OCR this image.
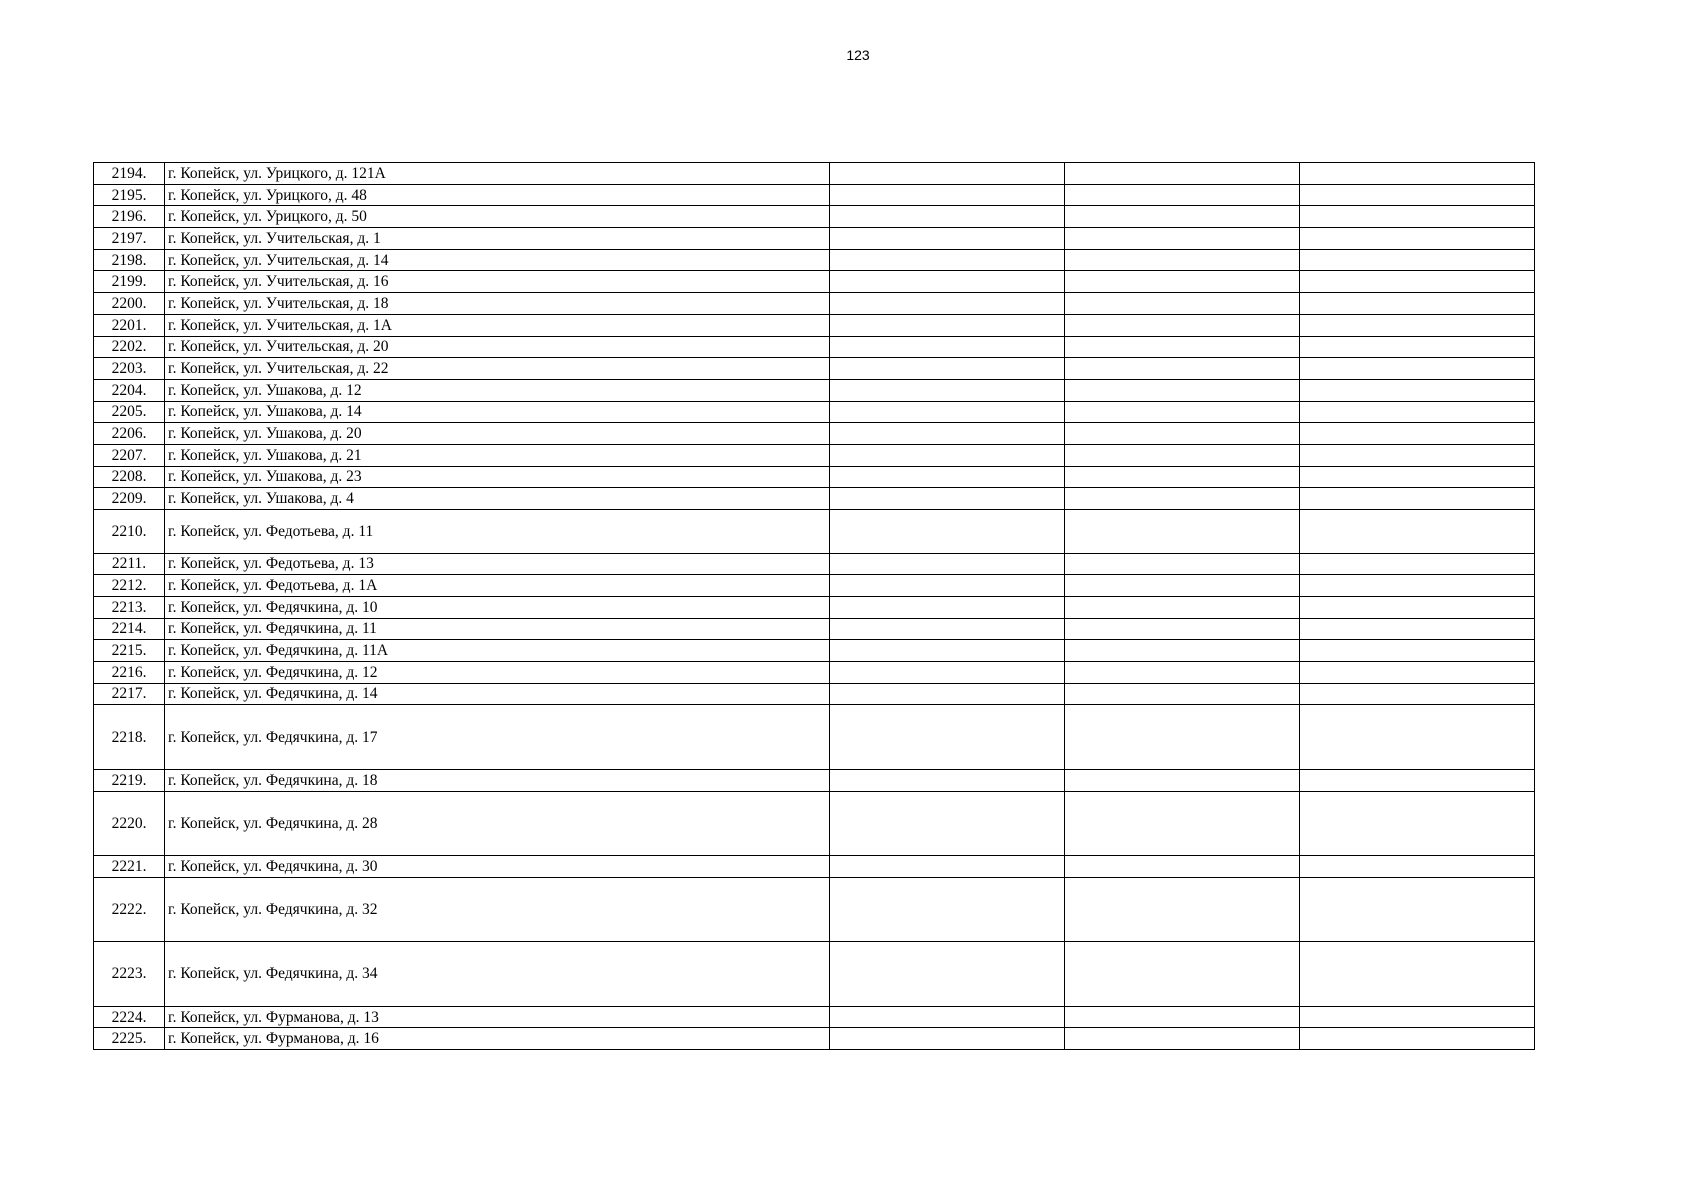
123
2194.	г. Копейск, ул. Урицкого, д. 121А			
2195.	г. Копейск, ул. Урицкого, д. 48			
2196.	г. Копейск, ул. Урицкого, д. 50			
2197.	г. Копейск, ул. Учительская, д. 1			
2198.	г. Копейск, ул. Учительская, д. 14			
2199.	г. Копейск, ул. Учительская, д. 16			
2200.	г. Копейск, ул. Учительская, д. 18			
2201.	г. Копейск, ул. Учительская, д. 1А			
2202.	г. Копейск, ул. Учительская, д. 20			
2203.	г. Копейск, ул. Учительская, д. 22			
2204.	г. Копейск, ул. Ушакова, д. 12			
2205.	г. Копейск, ул. Ушакова, д. 14			
2206.	г. Копейск, ул. Ушакова, д. 20			
2207.	г. Копейск, ул. Ушакова, д. 21			
2208.	г. Копейск, ул. Ушакова, д. 23			
2209.	г. Копейск, ул. Ушакова, д. 4			
2210.	г. Копейск, ул. Федотьева, д. 11			
2211.	г. Копейск, ул. Федотьева, д. 13			
2212.	г. Копейск, ул. Федотьева, д. 1А			
2213.	г. Копейск, ул. Федячкина, д. 10			
2214.	г. Копейск, ул. Федячкина, д. 11			
2215.	г. Копейск, ул. Федячкина, д. 11А			
2216.	г. Копейск, ул. Федячкина, д. 12			
2217.	г. Копейск, ул. Федячкина, д. 14			
2218.	г. Копейск, ул. Федячкина, д. 17			
2219.	г. Копейск, ул. Федячкина, д. 18			
2220.	г. Копейск, ул. Федячкина, д. 28			
2221.	г. Копейск, ул. Федячкина, д. 30			
2222.	г. Копейск, ул. Федячкина, д. 32			
2223.	г. Копейск, ул. Федячкина, д. 34			
2224.	г. Копейск, ул. Фурманова, д. 13			
2225.	г. Копейск, ул. Фурманова, д. 16			
